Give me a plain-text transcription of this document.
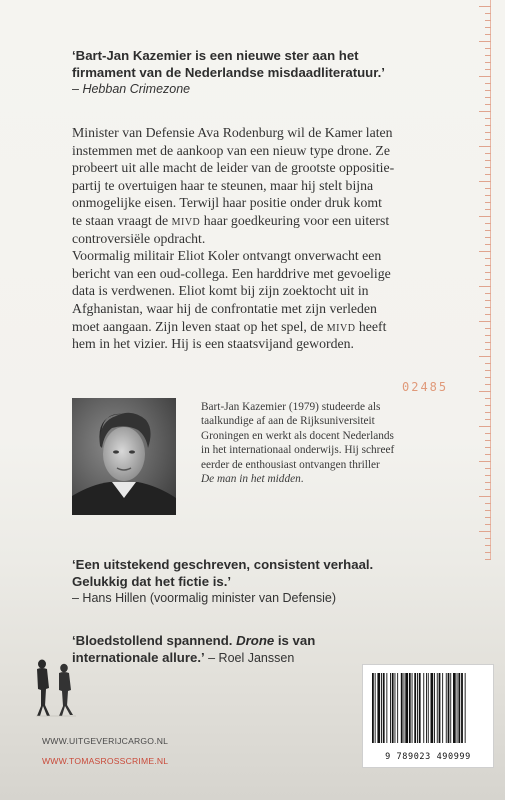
02485
‘Bart-Jan Kazemier is een nieuwe ster aan het
firmament van de Nederlandse misdaadliteratuur.’
– Hebban Crimezone

Minister van Defensie Ava Rodenburg wil de Kamer laten

instemmen met de aankoop van een nieuw type drone. Ze

probeert uit alle macht de leider van de grootste oppositie-

partij te overtuigen haar te steunen, maar hij stelt bijna

onmogelijke eisen. Terwijl haar positie onder druk komt

te staan vraagt de mivd haar goedkeuring voor een uiterst

controversiële opdracht.

Voormalig militair Eliot Koler ontvangt onverwacht een

bericht van een oud-collega. Een harddrive met gevoelige

data is verdwenen. Eliot komt bij zijn zoektocht uit in

Afghanistan, waar hij de confrontatie met zijn verleden

moet aangaan. Zijn leven staat op het spel, de mivd heeft

hem in het vizier. Hij is een staatsvijand geworden.

Bart-Jan Kazemier (1979) studeerde als
taalkundige af aan de Rijksuniversiteit
Groningen en werkt als docent Nederlands
in het internationaal onderwijs. Hij schreef
eerder de enthousiast ontvangen thriller
De man in het midden.
‘Een uitstekend geschreven, consistent verhaal.
Gelukkig dat het fictie is.’
– Hans Hillen (voormalig minister van Defensie)
‘Bloedstollend spannend. Drone is van
internationale allure.’ – Roel Janssen
9 789023 490999
WWW.UITGEVERIJCARGO.NL
WWW.TOMASROSSCRIME.NL
